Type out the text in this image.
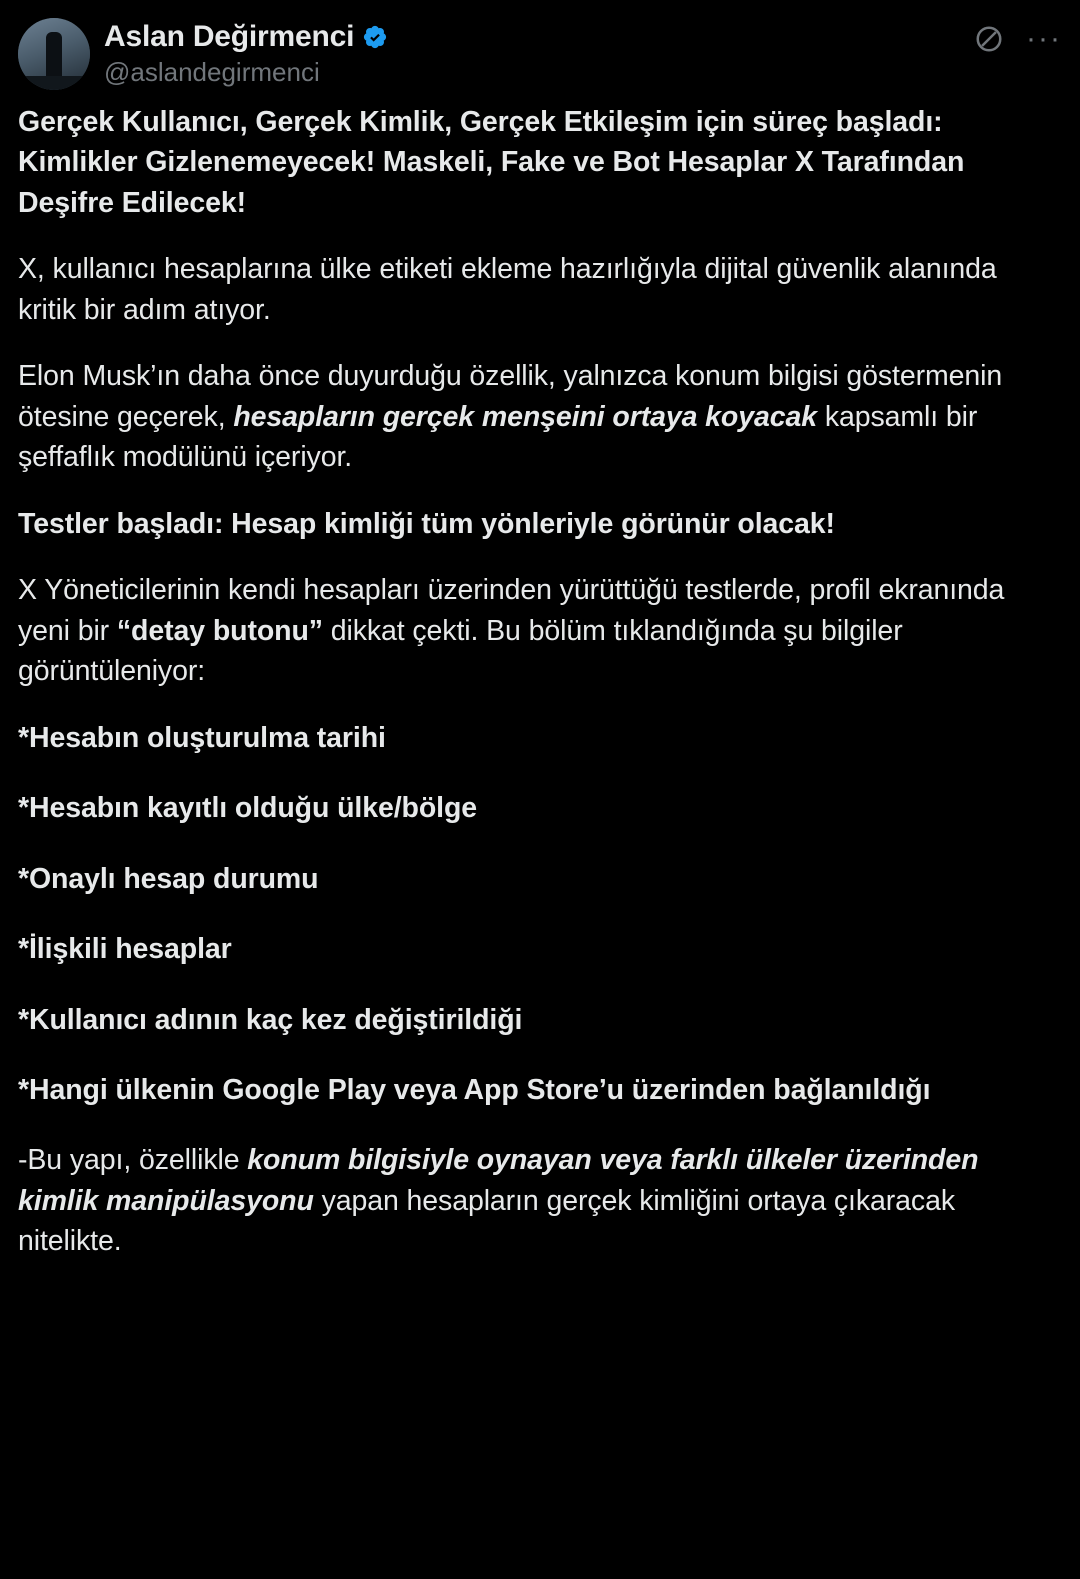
Aslan Değirmenci
@aslandegirmenci
···

Gerçek Kullanıcı, Gerçek Kimlik, Gerçek Etkileşim için süreç başladı: Kimlikler Gizlenemeyecek! Maskeli, Fake ve Bot Hesaplar X Tarafından Deşifre Edilecek!

X, kullanıcı hesaplarına ülke etiketi ekleme hazırlığıyla dijital güvenlik alanında kritik bir adım atıyor.

Elon Musk’ın daha önce duyurduğu özellik, yalnızca konum bilgisi göstermenin ötesine geçerek, hesapların gerçek menşeini ortaya koyacak kapsamlı bir şeffaflık modülünü içeriyor.

Testler başladı: Hesap kimliği tüm yönleriyle görünür olacak!

X Yöneticilerinin kendi hesapları üzerinden yürüttüğü testlerde, profil ekranında yeni bir “detay butonu” dikkat çekti. Bu bölüm tıklandığında şu bilgiler görüntüleniyor:

*Hesabın oluşturulma tarihi

*Hesabın kayıtlı olduğu ülke/bölge

*Onaylı hesap durumu

*İlişkili hesaplar

*Kullanıcı adının kaç kez değiştirildiği

*Hangi ülkenin Google Play veya App Store’u üzerinden bağlanıldığı

-Bu yapı, özellikle konum bilgisiyle oynayan veya farklı ülkeler üzerinden kimlik manipülasyonu yapan hesapların gerçek kimliğini ortaya çıkaracak nitelikte.
